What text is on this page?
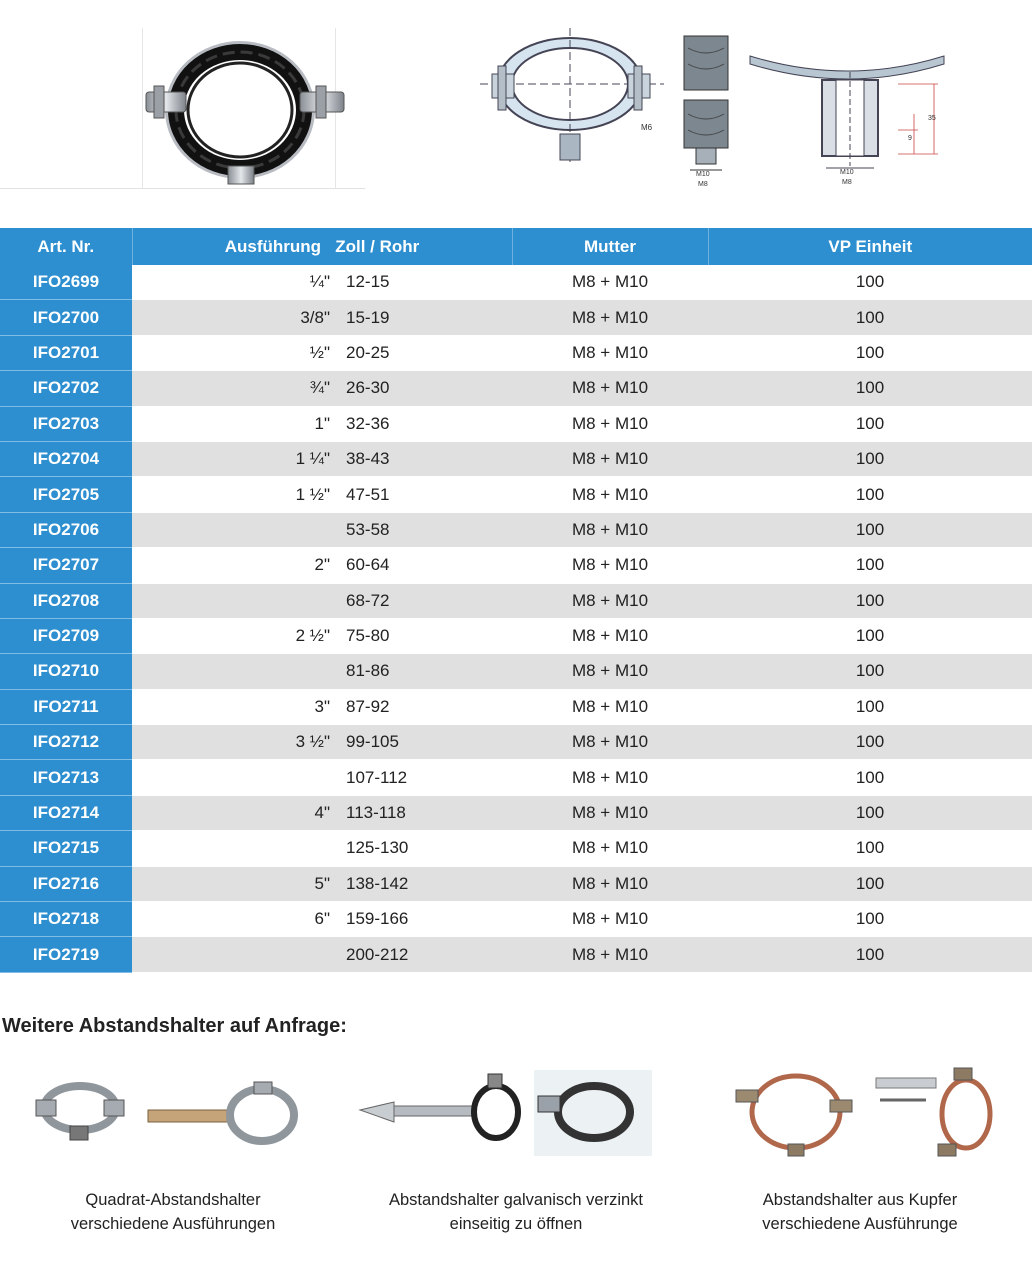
M6
M10
M8
35
9
M10
M8
Art. Nr.	Ausführung   Zoll / Rohr	Mutter	VP Einheit
IFO2699	¼" 12-15	M8 + M10	100
IFO2700	3/8" 15-19	M8 + M10	100
IFO2701	½" 20-25	M8 + M10	100
IFO2702	¾" 26-30	M8 + M10	100
IFO2703	1" 32-36	M8 + M10	100
IFO2704	1 ¼" 38-43	M8 + M10	100
IFO2705	1 ½" 47-51	M8 + M10	100
IFO2706	53-58	M8 + M10	100
IFO2707	2" 60-64	M8 + M10	100
IFO2708	68-72	M8 + M10	100
IFO2709	2 ½" 75-80	M8 + M10	100
IFO2710	81-86	M8 + M10	100
IFO2711	3" 87-92	M8 + M10	100
IFO2712	3 ½" 99-105	M8 + M10	100
IFO2713	107-112	M8 + M10	100
IFO2714	4" 113-118	M8 + M10	100
IFO2715	125-130	M8 + M10	100
IFO2716	5" 138-142	M8 + M10	100
IFO2718	6" 159-166	M8 + M10	100
IFO2719	200-212	M8 + M10	100
Weitere Abstandshalter auf Anfrage:
Quadrat-Abstandshalter
verschiedene Ausführungen
Abstandshalter galvanisch verzinkt
einseitig zu öffnen
Abstandshalter aus Kupfer
verschiedene Ausführunge
